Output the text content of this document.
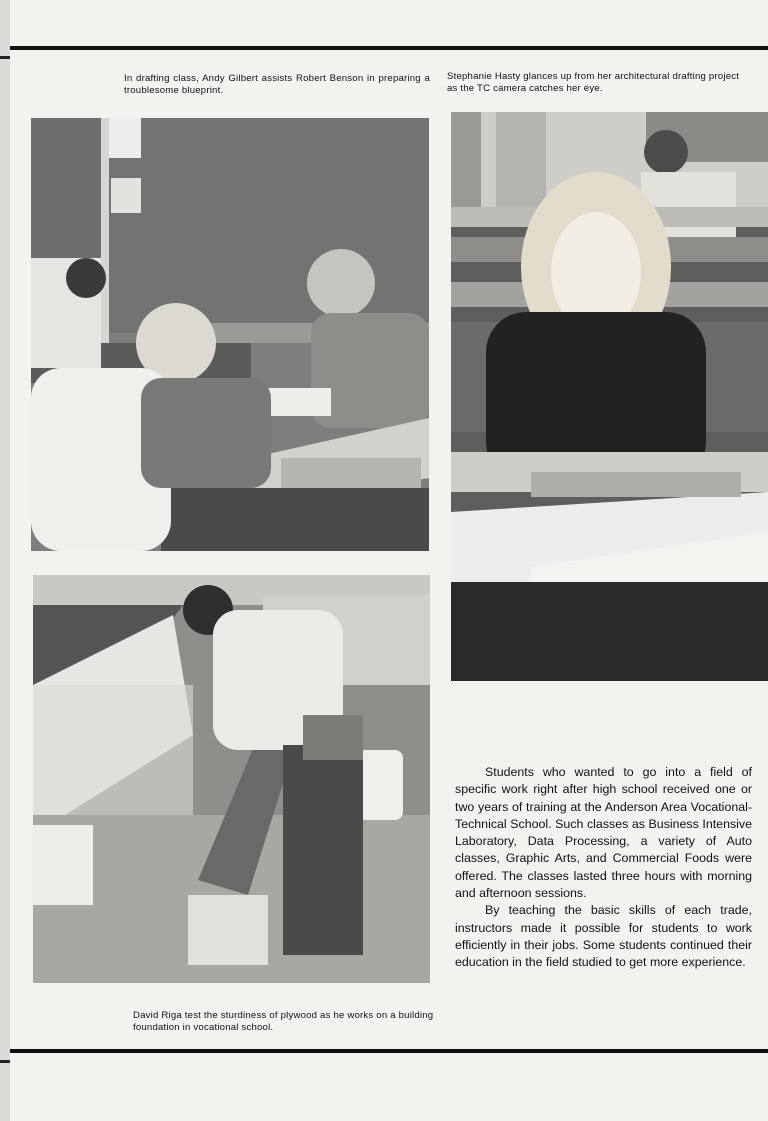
In drafting class, Andy Gilbert assists Robert Benson in preparing a troublesome blueprint.
Stephanie Hasty glances up from her architectural drafting project as the TC camera catches her eye.
David Riga test the sturdiness of plywood as he works on a building foundation in vocational school.

Students who wanted to go into a field of specific work right after high school received one or two years of training at the Anderson Area Vocational-Technical School. Such classes as Business Intensive Laboratory, Data Processing, a variety of Auto classes, Graphic Arts, and Commercial Foods were offered. The classes lasted three hours with morning and afternoon sessions.

By teaching the basic skills of each trade, instructors made it possible for students to work efficiently in their jobs. Some students continued their education in the field studied to get more experience.
